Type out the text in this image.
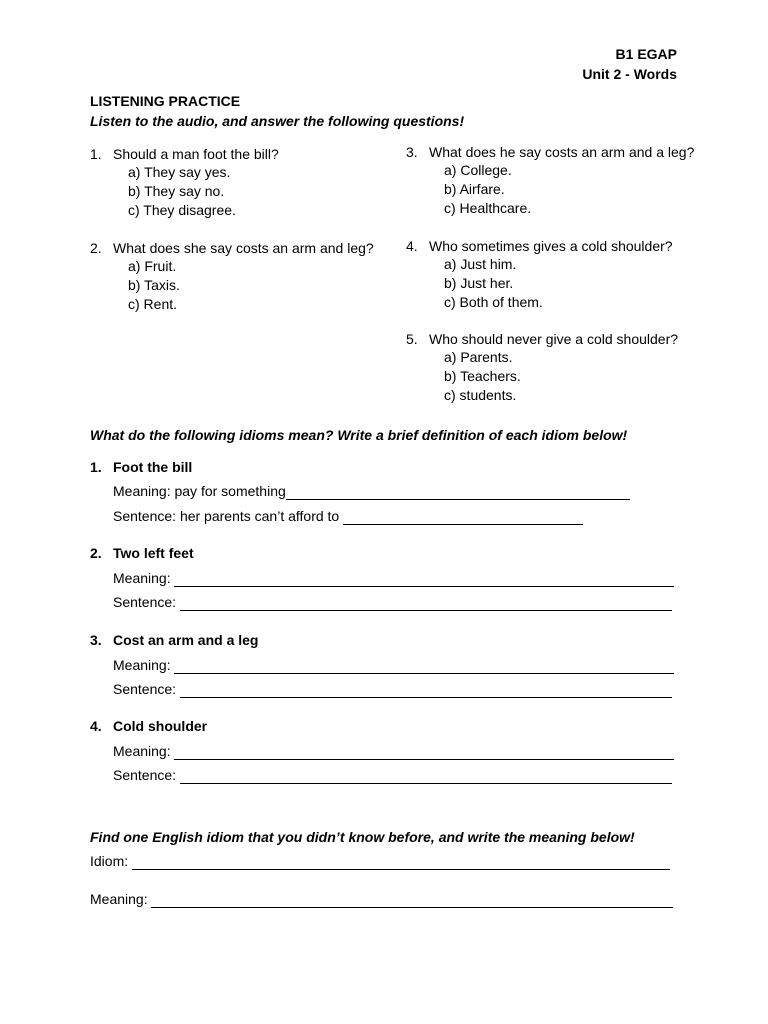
B1 EGAP
Unit 2 - Words
LISTENING PRACTICE
Listen to the audio, and answer the following questions!
1. Should a man foot the bill?
a) They say yes.
b) They say no.
c) They disagree.
2. What does she say costs an arm and leg?
a) Fruit.
b) Taxis.
c) Rent.
3. What does he say costs an arm and a leg?
a) College.
b) Airfare.
c) Healthcare.
4. Who sometimes gives a cold shoulder?
a) Just him.
b) Just her.
c) Both of them.
5. Who should never give a cold shoulder?
a) Parents.
b) Teachers.
c) students.
What do the following idioms mean? Write a brief definition of each idiom below!
1. Foot the bill
Meaning: pay for something
Sentence: her parents can’t afford to
2. Two left feet
Meaning:
Sentence:
3. Cost an arm and a leg
Meaning:
Sentence:
4. Cold shoulder
Meaning:
Sentence:
Find one English idiom that you didn’t know before, and write the meaning below!
Idiom:
Meaning:
